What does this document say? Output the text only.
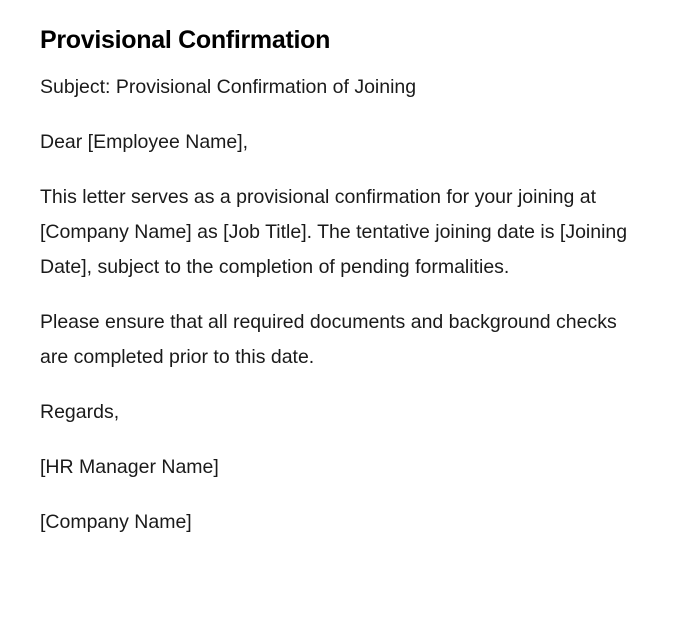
Provisional Confirmation

Subject: Provisional Confirmation of Joining

Dear [Employee Name],

This letter serves as a provisional confirmation for your joining at [Company Name] as [Job Title]. The tentative joining date is [Joining Date], subject to the completion of pending formalities.

Please ensure that all required documents and background checks are completed prior to this date.

Regards,

[HR Manager Name]

[Company Name]
